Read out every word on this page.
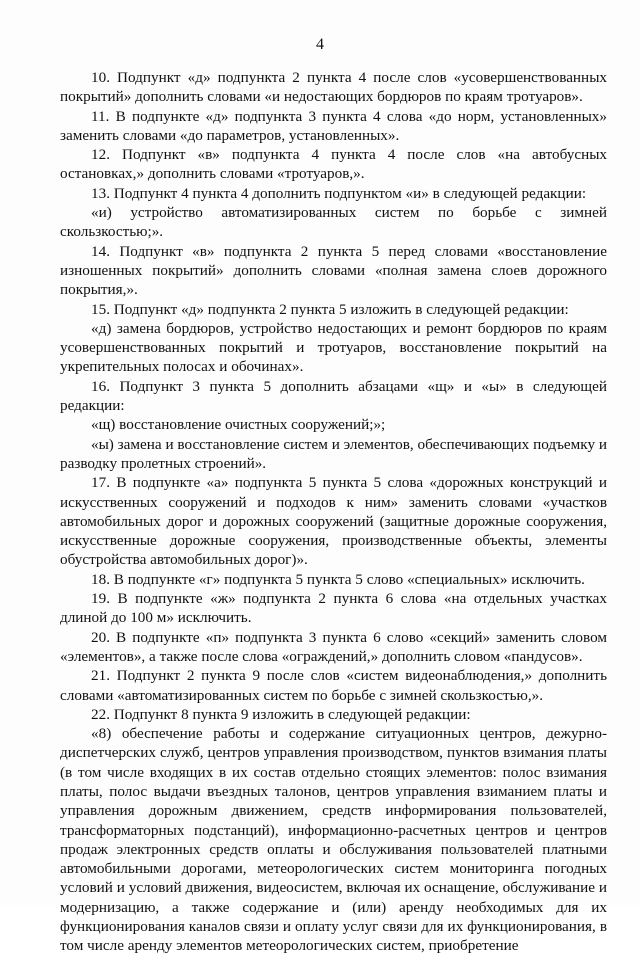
4

10. Подпункт «д» подпункта 2 пункта 4 после слов «усовершенствованных покрытий» дополнить словами «и недостающих бордюров по краям тротуаров».

11. В подпункте «д» подпункта 3 пункта 4 слова «до норм, установленных» заменить словами «до параметров, установленных».

12. Подпункт «в» подпункта 4 пункта 4 после слов «на автобусных остановках,» дополнить словами «тротуаров,».

13. Подпункт 4 пункта 4 дополнить подпунктом «и» в следующей редакции:

«и) устройство автоматизированных систем по борьбе с зимней скользкостью;».

14. Подпункт «в» подпункта 2 пункта 5 перед словами «восстановление изношенных покрытий» дополнить словами «полная замена слоев дорожного покрытия,».

15. Подпункт «д» подпункта 2 пункта 5 изложить в следующей редакции:

«д) замена бордюров, устройство недостающих и ремонт бордюров по краям усовершенствованных покрытий и тротуаров, восстановление покрытий на укрепительных полосах и обочинах».

16. Подпункт 3 пункта 5 дополнить абзацами «щ» и «ы» в следующей редакции:

«щ) восстановление очистных сооружений;»;

«ы) замена и восстановление систем и элементов, обеспечивающих подъемку и разводку пролетных строений».

17. В подпункте «а» подпункта 5 пункта 5 слова «дорожных конструкций и искусственных сооружений и подходов к ним» заменить словами «участков автомобильных дорог и дорожных сооружений (защитные дорожные сооружения, искусственные дорожные сооружения, производственные объекты, элементы обустройства автомобильных дорог)».

18. В подпункте «г» подпункта 5 пункта 5 слово «специальных» исключить.

19. В подпункте «ж» подпункта 2 пункта 6 слова «на отдельных участках длиной до 100 м» исключить.

20. В подпункте «п» подпункта 3 пункта 6 слово «секций» заменить словом «элементов», а также после слова «ограждений,» дополнить словом «пандусов».

21. Подпункт 2 пункта 9 после слов «систем видеонаблюдения,» дополнить словами «автоматизированных систем по борьбе с зимней скользкостью,».

22. Подпункт 8 пункта 9 изложить в следующей редакции:

«8) обеспечение работы и содержание ситуационных центров, дежурно-диспетчерских служб, центров управления производством, пунктов взимания платы (в том числе входящих в их состав отдельно стоящих элементов: полос взимания платы, полос выдачи въездных талонов, центров управления взиманием платы и управления дорожным движением, средств информирования пользователей, трансформаторных подстанций), информационно-расчетных центров и центров продаж электронных средств оплаты и обслуживания пользователей платными автомобильными дорогами, метеорологических систем мониторинга погодных условий и условий движения, видеосистем, включая их оснащение, обслуживание и модернизацию, а также содержание и (или) аренду необходимых для их функционирования каналов связи и оплату услуг связи для их функционирования, в том числе аренду элементов метеорологических систем, приобретение
